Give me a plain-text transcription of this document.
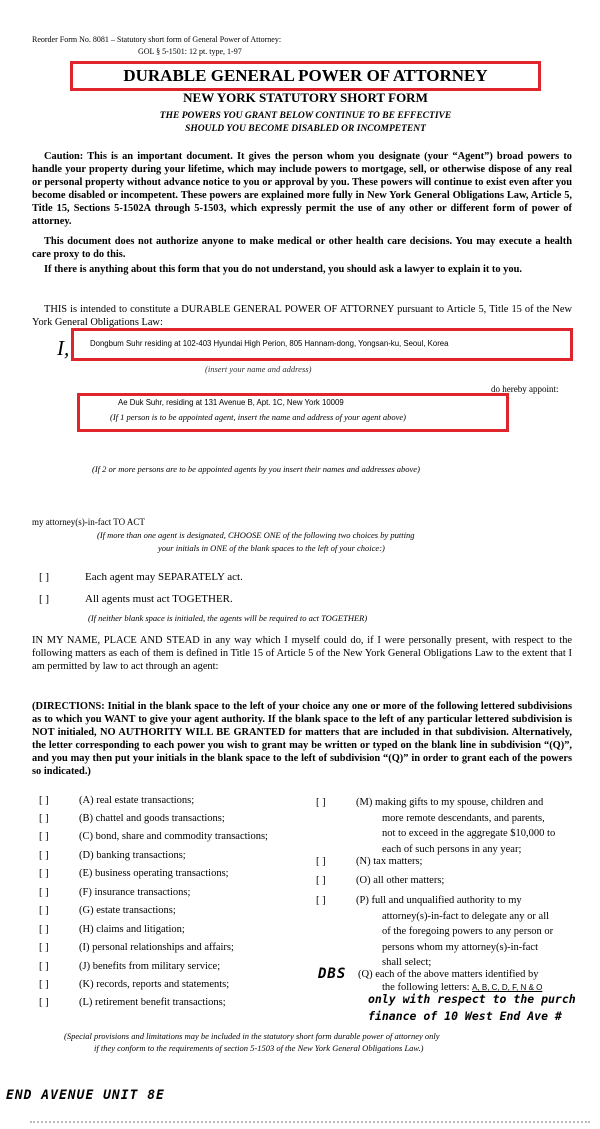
Reorder Form No. 8081 – Statutory short form of General Power of Attorney:
GOL § 5-1501: 12 pt. type, 1-97
DURABLE GENERAL POWER OF ATTORNEY
NEW YORK STATUTORY SHORT FORM
THE POWERS YOU GRANT BELOW CONTINUE TO BE EFFECTIVE
SHOULD YOU BECOME DISABLED OR INCOMPETENT
Caution: This is an important document. It gives the person whom you designate (your “Agent”) broad powers to handle your property during your lifetime, which may include powers to mortgage, sell, or otherwise dispose of any real or personal property without advance notice to you or approval by you. These powers will continue to exist even after you become disabled or incompetent. These powers are explained more fully in New York General Obligations Law, Article 5, Title 15, Sections 5-1502A through 5-1503, which expressly permit the use of any other or different form of power of attorney.
This document does not authorize anyone to make medical or other health care decisions. You may execute a health care proxy to do this.
If there is anything about this form that you do not understand, you should ask a lawyer to explain it to you.
THIS is intended to constitute a DURABLE GENERAL POWER OF ATTORNEY pursuant to Article 5, Title 15 of the New York General Obligations Law:
I,	Dongbum Suhr residing at 102-403 Hyundai High Perion, 805 Hannam-dong, Yongsan-ku, Seoul, Korea
(insert your name and address)
do hereby appoint:
Ae Duk Suhr, residing at 131 Avenue B, Apt. 1C, New York 10009
(If 1 person is to be appointed agent, insert the name and address of your agent above)
(If 2 or more persons are to be appointed agents by you insert their names and addresses above)
my attorney(s)-in-fact TO ACT
(If more than one agent is designated, CHOOSE ONE of the following two choices by putting
your initials in ONE of the blank spaces to the left of your choice:)
[ ]	Each agent may SEPARATELY act.
[ ]	All agents must act TOGETHER.
(If neither blank space is initialed, the agents will be required to act TOGETHER)
IN MY NAME, PLACE AND STEAD in any way which I myself could do, if I were personally present, with respect to the following matters as each of them is defined in Title 15 of Article 5 of the New York General Obligations Law to the extent that I am permitted by law to act through an agent:
(DIRECTIONS: Initial in the blank space to the left of your choice any one or more of the following lettered subdivisions as to which you WANT to give your agent authority. If the blank space to the left of any particular lettered subdivision is NOT initialed, NO AUTHORITY WILL BE GRANTED for matters that are included in that subdivision. Alternatively, the letter corresponding to each power you wish to grant may be written or typed on the blank line in subdivision “(Q)”, and you may then put your initials in the blank space to the left of subdivision “(Q)” in order to grant each of the powers so indicated.)
[ ]	(A) real estate transactions;
[ ]	(B) chattel and goods transactions;
[ ]	(C) bond, share and commodity transactions;
[ ]	(D) banking transactions;
[ ]	(E) business operating transactions;
[ ]	(F) insurance transactions;
[ ]	(G) estate transactions;
[ ]	(H) claims and litigation;
[ ]	(I) personal relationships and affairs;
[ ]	(J) benefits from military service;
[ ]	(K) records, reports and statements;
[ ]	(L) retirement benefit transactions;
[ ]	(M) making gifts to my spouse, children and
more remote descendants, and parents,
not to exceed in the aggregate $10,000 to
each of such persons in any year;
[ ]	(N) tax matters;
[ ]	(O) all other matters;
[ ]	(P) full and unqualified authority to my
attorney(s)-in-fact to delegate any or all
of the foregoing powers to any person or
persons whom my attorney(s)-in-fact
shall select;
DBS (Q) each of the above matters identified by
the following letters: A, B, C, D, F, N & O
only with respect to the purch
finance of 10 West End Ave #
(Special provisions and limitations may be included in the statutory short form durable power of attorney only
if they conform to the requirements of section 5-1503 of the New York General Obligations Law.)
END AVENUE UNIT 8E
